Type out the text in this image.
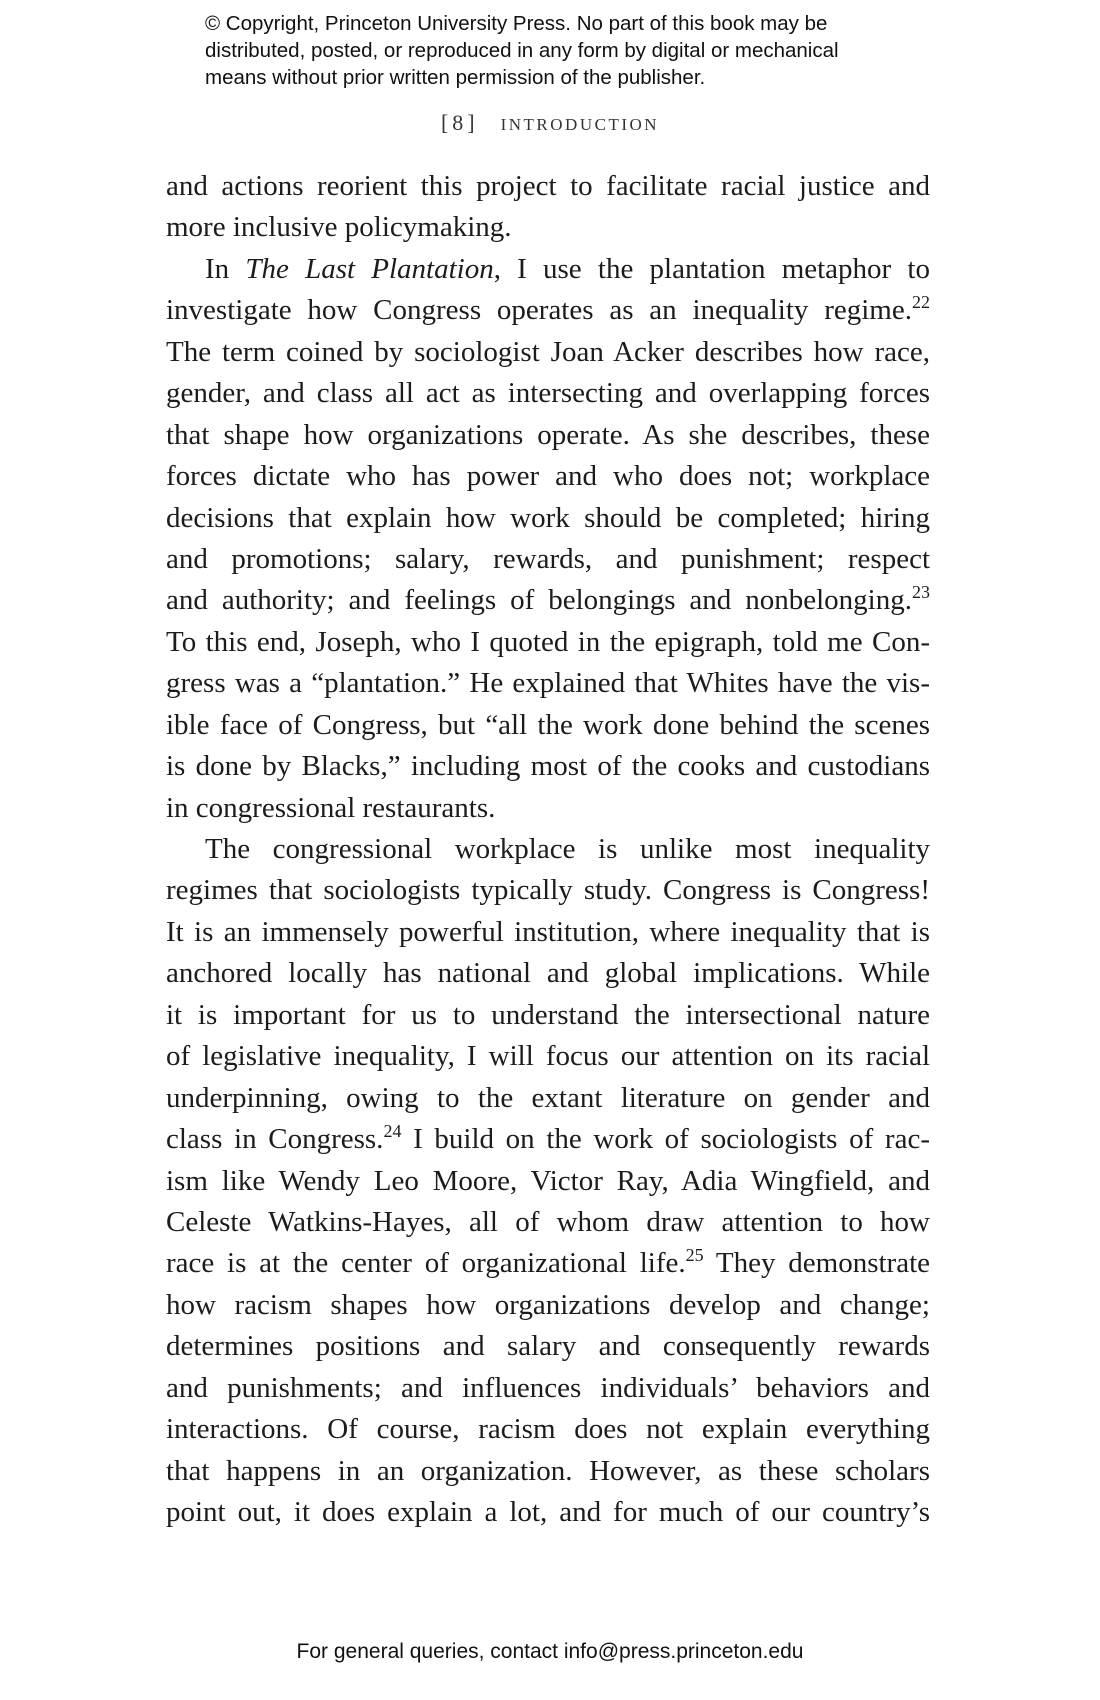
© Copyright, Princeton University Press. No part of this book may be
distributed, posted, or reproduced in any form by digital or mechanical
means without prior written permission of the publisher.
[8] INTRODUCTION
and actions reorient this project to facilitate racial justice and
more inclusive policymaking.
In The Last Plantation, I use the plantation metaphor to
investigate how Congress operates as an inequality regime.$^{22}$
The term coined by sociologist Joan Acker describes how race,
gender, and class all act as intersecting and overlapping forces
that shape how organizations operate. As she describes, these
forces dictate who has power and who does not; workplace
decisions that explain how work should be completed; hiring
and promotions; salary, rewards, and punishment; respect
and authority; and feelings of belongings and nonbelonging.$^{23}$
To this end, Joseph, who I quoted in the epigraph, told me Con-
gress was a “plantation.” He explained that Whites have the vis-
ible face of Congress, but “all the work done behind the scenes
is done by Blacks,” including most of the cooks and custodians
in congressional restaurants.
The congressional workplace is unlike most inequality
regimes that sociologists typically study. Congress is Congress!
It is an immensely powerful institution, where inequality that is
anchored locally has national and global implications. While
it is important for us to understand the intersectional nature
of legislative inequality, I will focus our attention on its racial
underpinning, owing to the extant literature on gender and
class in Congress.$^{24}$ I build on the work of sociologists of rac-
ism like Wendy Leo Moore, Victor Ray, Adia Wingfield, and
Celeste Watkins-Hayes, all of whom draw attention to how
race is at the center of organizational life.$^{25}$ They demonstrate
how racism shapes how organizations develop and change;
determines positions and salary and consequently rewards
and punishments; and influences individuals’ behaviors and
interactions. Of course, racism does not explain everything
that happens in an organization. However, as these scholars
point out, it does explain a lot, and for much of our country’s
For general queries, contact info@press.princeton.edu
